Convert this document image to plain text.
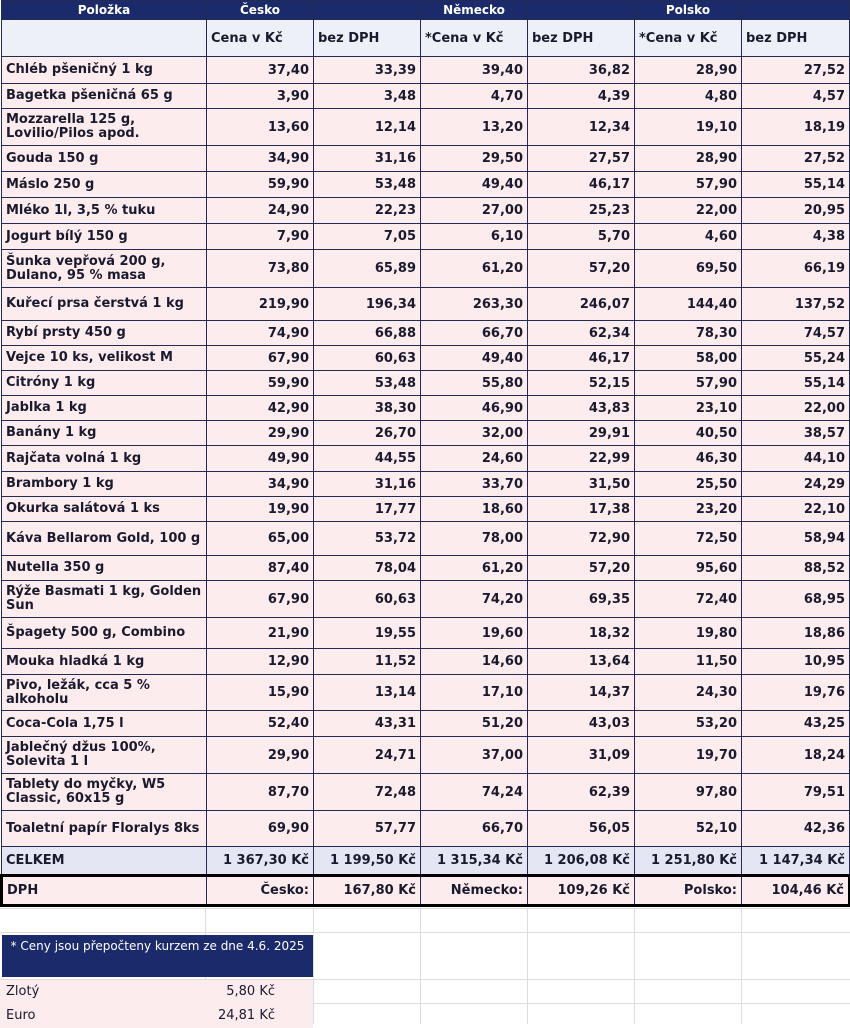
Položka	Česko		Německo		Polsko	
	Cena v Kč	bez DPH	*Cena v Kč	bez DPH	*Cena v Kč	bez DPH
Chléb pšeničný 1 kg	37,40	33,39	39,40	36,82	28,90	27,52
Bagetka pšeničná 65 g	3,90	3,48	4,70	4,39	4,80	4,57
Mozzarella 125 g, Lovilio/Pilos apod.	13,60	12,14	13,20	12,34	19,10	18,19
Gouda 150 g	34,90	31,16	29,50	27,57	28,90	27,52
Máslo 250 g	59,90	53,48	49,40	46,17	57,90	55,14
Mléko 1l, 3,5 % tuku	24,90	22,23	27,00	25,23	22,00	20,95
Jogurt bílý 150 g	7,90	7,05	6,10	5,70	4,60	4,38
Šunka vepřová 200 g, Dulano, 95 % masa	73,80	65,89	61,20	57,20	69,50	66,19
Kuřecí prsa čerstvá 1 kg	219,90	196,34	263,30	246,07	144,40	137,52
Rybí prsty 450 g	74,90	66,88	66,70	62,34	78,30	74,57
Vejce 10 ks, velikost M	67,90	60,63	49,40	46,17	58,00	55,24
Citróny 1 kg	59,90	53,48	55,80	52,15	57,90	55,14
Jablka 1 kg	42,90	38,30	46,90	43,83	23,10	22,00
Banány 1 kg	29,90	26,70	32,00	29,91	40,50	38,57
Rajčata volná 1 kg	49,90	44,55	24,60	22,99	46,30	44,10
Brambory 1 kg	34,90	31,16	33,70	31,50	25,50	24,29
Okurka salátová 1 ks	19,90	17,77	18,60	17,38	23,20	22,10
Káva Bellarom Gold, 100 g	65,00	53,72	78,00	72,90	72,50	58,94
Nutella 350 g	87,40	78,04	61,20	57,20	95,60	88,52
Rýže Basmati 1 kg, Golden Sun	67,90	60,63	74,20	69,35	72,40	68,95
Špagety 500 g, Combino	21,90	19,55	19,60	18,32	19,80	18,86
Mouka hladká 1 kg	12,90	11,52	14,60	13,64	11,50	10,95
Pivo, ležák, cca 5 % alkoholu	15,90	13,14	17,10	14,37	24,30	19,76
Coca-Cola 1,75 l	52,40	43,31	51,20	43,03	53,20	43,25
Jablečný džus 100%, Solevita 1 l	29,90	24,71	37,00	31,09	19,70	18,24
Tablety do myčky, W5 Classic, 60x15 g	87,70	72,48	74,24	62,39	97,80	79,51
Toaletní papír Floralys 8ks	69,90	57,77	66,70	56,05	52,10	42,36
CELKEM	1 367,30 Kč	1 199,50 Kč	1 315,34 Kč	1 206,08 Kč	1 251,80 Kč	1 147,34 Kč
DPH	Česko:	167,80 Kč	Německo:	109,26 Kč	Polsko:	104,46 Kč
* Ceny jsou přepočteny kurzem ze dne 4.6. 2025
Zlotý	5,80 Kč
Euro	24,81 Kč
